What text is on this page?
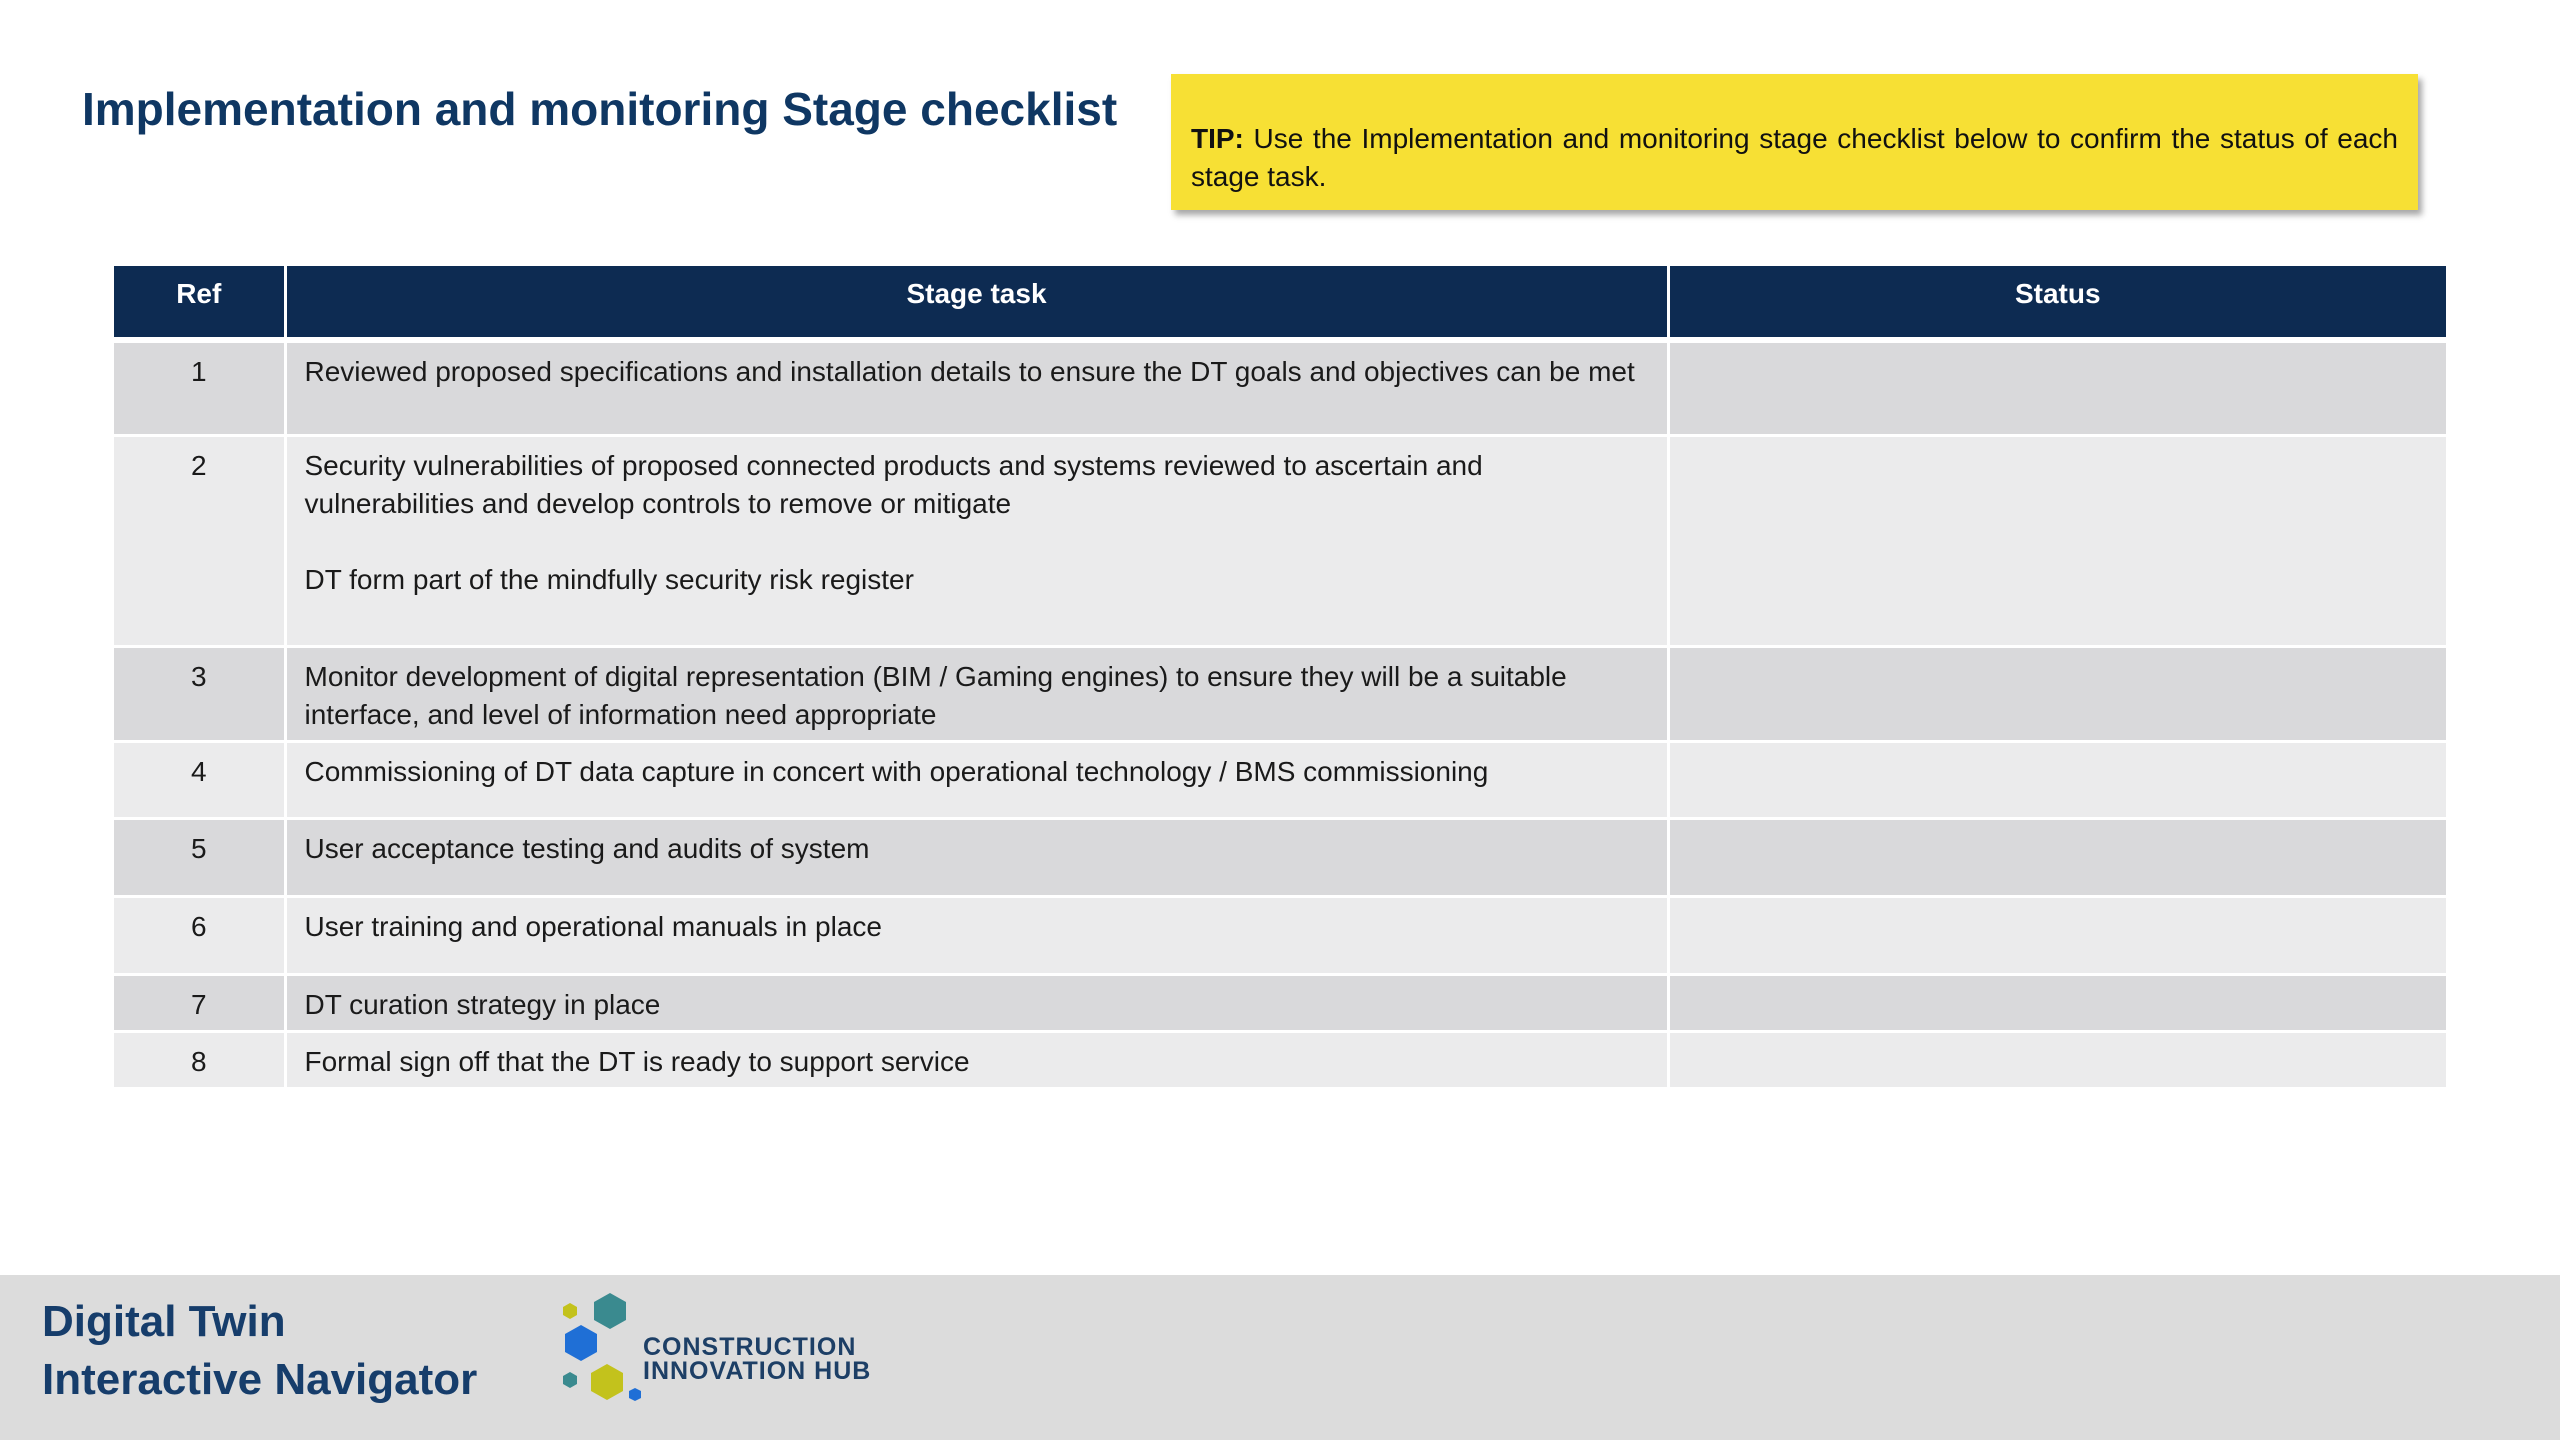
Implementation and monitoring Stage checklist
TIP: Use the Implementation and monitoring stage checklist below to confirm the status of each stage task.
Ref	Stage task	Status
1	Reviewed proposed specifications and installation details to ensure the DT goals and objectives can be met	

2	Security vulnerabilities of proposed connected products and systems reviewed to ascertain and vulnerabilities and develop controls to remove or mitigate
DT form part of the mindfully security risk register	

3	Monitor development of digital representation (BIM / Gaming engines) to ensure they will be a suitable interface, and level of information need appropriate	

4	Commissioning of DT data capture in concert with operational technology / BMS commissioning	

5	User acceptance testing and audits of system	

6	User training and operational manuals in place	

7	DT curation strategy in place	

8	Formal sign off that the DT is ready to support service	

Digital Twin
Interactive Navigator
CONSTRUCTION
INNOVATION HUB
